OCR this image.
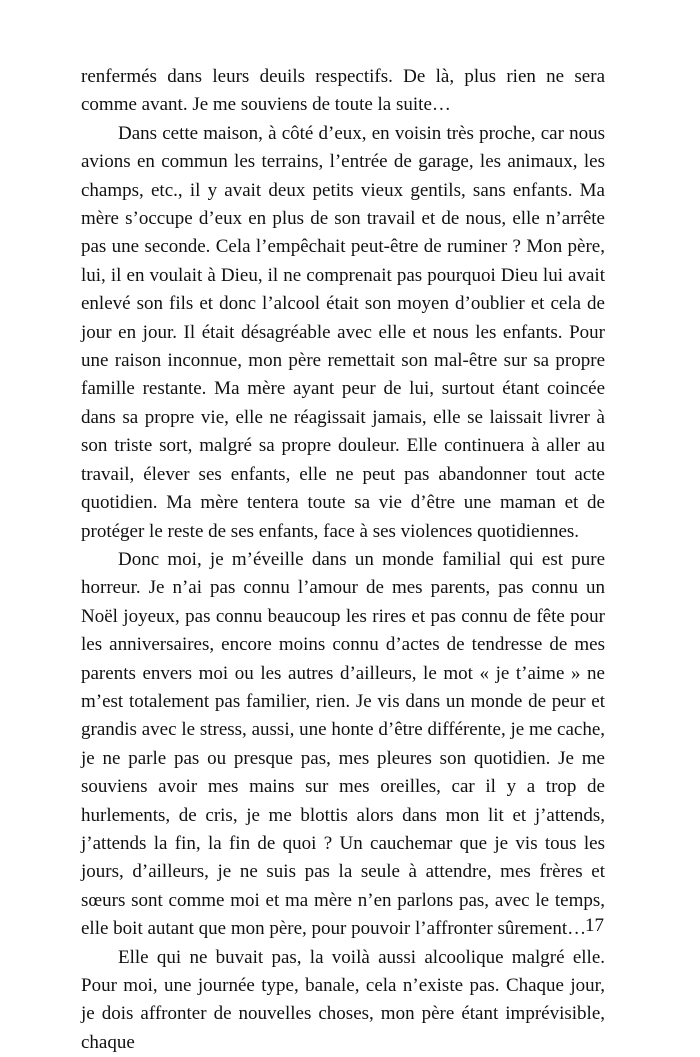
renfermés dans leurs deuils respectifs. De là, plus rien ne sera comme avant. Je me souviens de toute la suite…

Dans cette maison, à côté d’eux, en voisin très proche, car nous avions en commun les terrains, l’entrée de garage, les animaux, les champs, etc., il y avait deux petits vieux gentils, sans enfants. Ma mère s’occupe d’eux en plus de son travail et de nous, elle n’arrête pas une seconde. Cela l’empêchait peut-être de ruminer ? Mon père, lui, il en voulait à Dieu, il ne comprenait pas pourquoi Dieu lui avait enlevé son fils et donc l’alcool était son moyen d’oublier et cela de jour en jour. Il était désagréable avec elle et nous les enfants. Pour une raison inconnue, mon père remettait son mal-être sur sa propre famille restante. Ma mère ayant peur de lui, surtout étant coincée dans sa propre vie, elle ne réagissait jamais, elle se laissait livrer à son triste sort, malgré sa propre douleur. Elle continuera à aller au travail, élever ses enfants, elle ne peut pas abandonner tout acte quotidien. Ma mère tentera toute sa vie d’être une maman et de protéger le reste de ses enfants, face à ses violences quotidiennes.

Donc moi, je m’éveille dans un monde familial qui est pure horreur. Je n’ai pas connu l’amour de mes parents, pas connu un Noël joyeux, pas connu beaucoup les rires et pas connu de fête pour les anniversaires, encore moins connu d’actes de tendresse de mes parents envers moi ou les autres d’ailleurs, le mot « je t’aime » ne m’est totalement pas familier, rien. Je vis dans un monde de peur et grandis avec le stress, aussi, une honte d’être différente, je me cache, je ne parle pas ou presque pas, mes pleures son quotidien. Je me souviens avoir mes mains sur mes oreilles, car il y a trop de hurlements, de cris, je me blottis alors dans mon lit et j’attends, j’attends la fin, la fin de quoi ? Un cauchemar que je vis tous les jours, d’ailleurs, je ne suis pas la seule à attendre, mes frères et sœurs sont comme moi et ma mère n’en parlons pas, avec le temps, elle boit autant que mon père, pour pouvoir l’affronter sûrement…

Elle qui ne buvait pas, la voilà aussi alcoolique malgré elle. Pour moi, une journée type, banale, cela n’existe pas. Chaque jour, je dois affronter de nouvelles choses, mon père étant imprévisible, chaque

17
